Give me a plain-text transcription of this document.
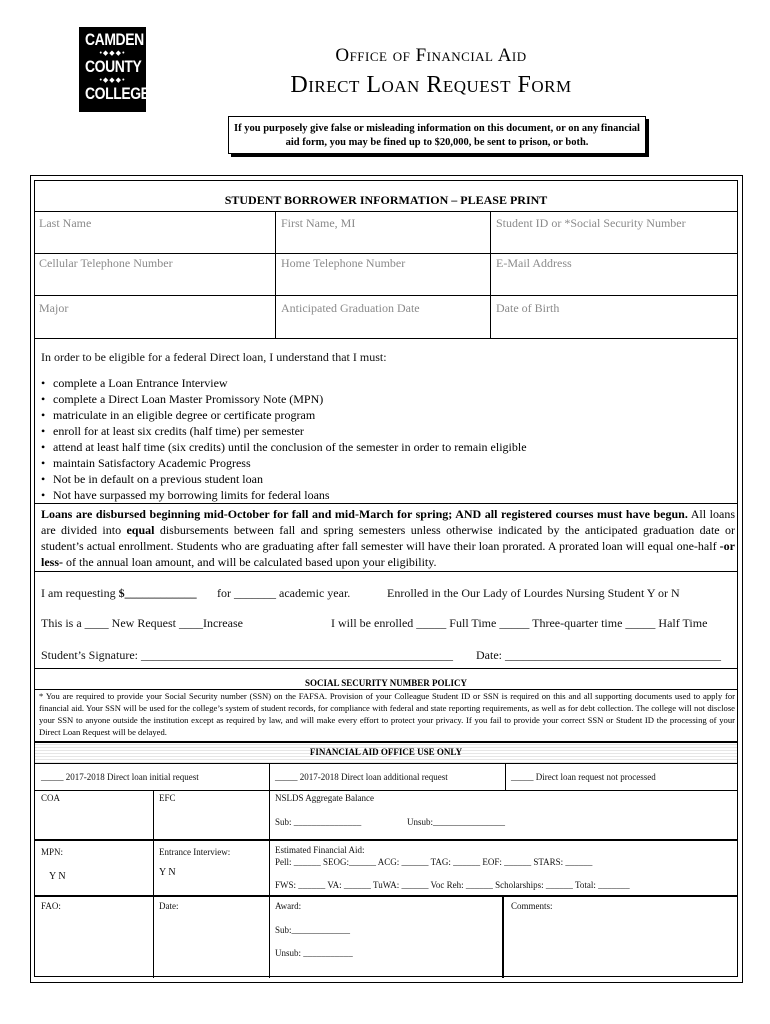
CAMDEN
•◆◆◆•
COUNTY
•◆◆◆•
COLLEGE
Office of Financial Aid
Direct Loan Request Form
If you purposely give false or misleading information on this document, or on any financial aid form, you may be fined up to $20,000, be sent to prison, or both.
STUDENT BORROWER INFORMATION – PLEASE PRINT
Last Name	First Name, MI	Student ID or *Social Security Number
Cellular Telephone Number	Home Telephone Number	E-Mail Address
Major	Anticipated Graduation Date	Date of Birth
In order to be eligible for a federal Direct loan, I understand that I must:
• complete a Loan Entrance Interview
• complete a Direct Loan Master Promissory Note (MPN)
• matriculate in an eligible degree or certificate program
• enroll for at least six credits (half time) per semester
• attend at least half time (six credits) until the conclusion of the semester in order to remain eligible
• maintain Satisfactory Academic Progress
• Not be in default on a previous student loan
• Not have surpassed my borrowing limits for federal loans
Loans are disbursed beginning mid-October for fall and mid-March for spring; AND all registered courses must have begun. All loans are divided into equal disbursements between fall and spring semesters unless otherwise indicated by the anticipated graduation date or student’s actual enrollment. Students who are graduating after fall semester will have their loan prorated. A prorated loan will equal one-half -or less- of the annual loan amount, and will be calculated based upon your eligibility.
I am requesting $____________ for _______ academic year.	Enrolled in the Our Lady of Lourdes Nursing Student Y or N
This is a ____ New Request ____Increase	I will be enrolled _____ Full Time _____ Three-quarter time _____ Half Time
Student’s Signature: ____________________________________________________ Date: ____________________________________
SOCIAL SECURITY NUMBER POLICY
* You are required to provide your Social Security number (SSN) on the FAFSA. Provision of your Colleague Student ID or SSN is required on this and all supporting documents used to apply for financial aid. Your SSN will be used for the college’s system of student records, for compliance with federal and state reporting requirements, as well as for debt collection. The college will not disclose your SSN to anyone outside the institution except as required by law, and will make every effort to protect your privacy. If you fail to provide your correct SSN or Student ID the processing of your Direct Loan Request will be delayed.
FINANCIAL AID OFFICE USE ONLY
_____ 2017-2018 Direct loan initial request	_____ 2017-2018 Direct loan additional request	_____ Direct loan request not processed
COA	EFC	NSLDS Aggregate Balance
Sub: _______________	Unsub:________________
MPN:
Y N
Entrance Interview:
Y N
Estimated Financial Aid:
Pell: ______ SEOG:______ ACG: ______ TAG: ______ EOF: ______ STARS: ______
FWS: ______ VA: ______ TuWA: ______ Voc Reh: ______ Scholarships: ______ Total: _______
FAO:	Date:	Award:
Sub:_____________
Unsub: ___________
Comments:
